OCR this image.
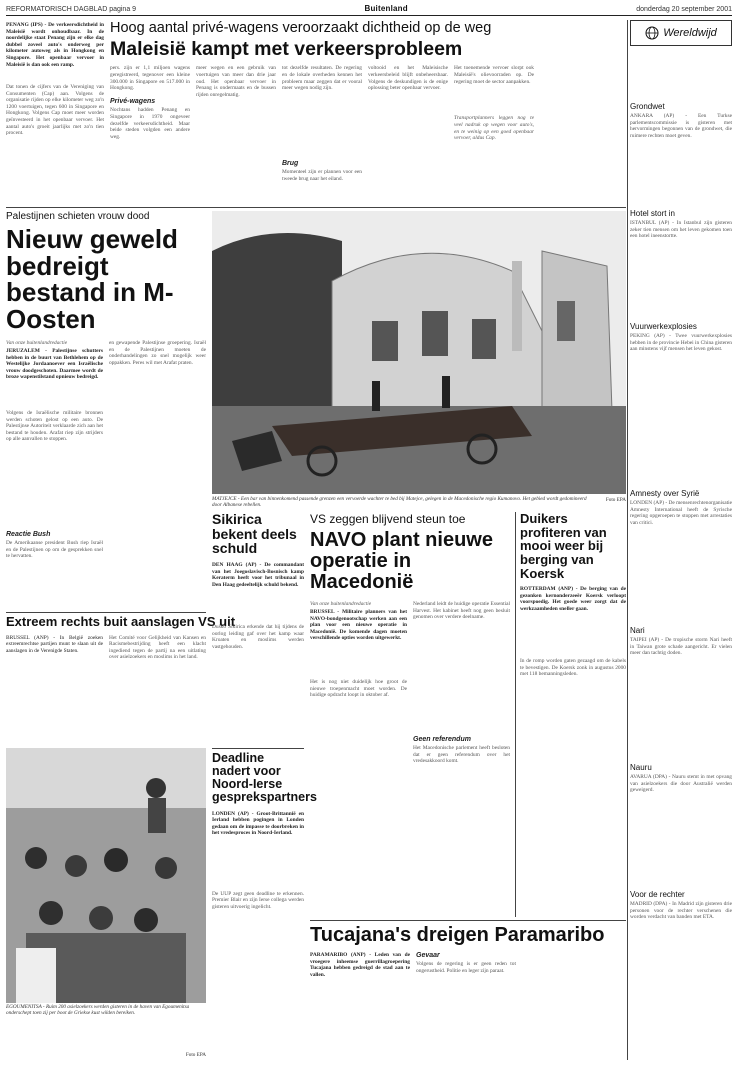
REFORMATORISCH DAGBLAD pagina 9	Buitenland	donderdag 20 september 2001
PENANG (IPS) - De verkeersdichtheid in Maleisië wordt onhoudbaar. In de noordelijke staat Penang zijn er elke dag dubbel zoveel auto's onderweg per kilometer autoweg als in Hongkong en Singapore. Het openbaar vervoer in Maleisië is dan ook een ramp.
Dat tonen de cijfers van de Vereniging van Consumenten (Cap) aan. Volgens de organisatie rijden op elke kilometer weg zo'n 1200 voertuigen, tegen 600 in Singapore en Hongkong. Volgens Cap moet meer worden geïnvesteerd in het openbaar vervoer. Het aantal auto's groeit jaarlijks met zo'n tien procent.
Hoog aantal privé-wagens veroorzaakt dichtheid op de weg
Maleisië kampt met verkeersprobleem
pers. zijn er 1,1 miljoen wagens geregistreerd, tegenover een kleine 300.000 in Singapore en 517.000 in Hongkong.
Privé-wagens
Nochtans hadden Penang en Singapore in 1970 ongeveer dezelfde verkeersdichtheid. Maar beide steden volgden een andere weg.
meer wegen en een gebruik van voertuigen van meer dan drie jaar oud. Het openbaar vervoer in Penang is ondermaats en de bussen rijden onregelmatig.
tot dezelfde resultaten. De regering en de lokale overheden kennen het probleem maar zeggen dat er vooral meer wegen nodig zijn.
Brug
Momenteel zijn er plannen voor een tweede brug naar het eiland.
voltooid en het Maleisische verkeersbeleid blijft onbeheersbaar. Volgens de deskundigen is de enige oplossing beter openbaar vervoer.
Het toenemende vervoer slorpt ook Maleisië's olievoorraden op. De regering moet de sector aanpakken.
Transportplanners leggen nog te veel nadruk op wegen voor auto's, en te weinig op een goed openbaar vervoer, aldus Cap.
Palestijnen schieten vrouw dood
Nieuw geweld bedreigt bestand in M-Oosten
Van onze buitenlandredactie
JERUZALEM - Palestijnse schutters hebben in de buurt van Bethlehem op de Westelijke Jordaanoever een Israëlische vrouw doodgeschoten. Daarmee wordt de broze wapenstilstand opnieuw bedreigd.
Volgens de Israëlische militaire bronnen werden schoten gelost op een auto. De Palestijnse Autoriteit verklaarde zich aan het bestand te houden. Arafat riep zijn strijders op alle aanvallen te stoppen.
Reactie Bush
De Amerikaanse president Bush riep Israël en de Palestijnen op om de gesprekken snel te hervatten.
en gewapende Palestijnse groepering. Israël en de Palestijnen moeten de onderhandelingen zo snel mogelijk weer oppakken. Peres wil met Arafat praten.
MATJEJCE - Een bar van binnenkomend passende grenzen een vervoerde wachter te bed bij Matejce, gelegen in de Macedonische regio Kumanovo. Het gebied wordt gedomineerd door Albanese rebellen.
Foto EPA
Extreem rechts buit aanslagen VS uit
BRUSSEL (ANP) - In België zoeken extreemrechtse partijen munt te slaan uit de aanslagen in de Verenigde Staten.
Het Comité voor Gelijkheid van Kansen en Racismebestrijding heeft een klacht ingediend tegen de partij na een uitlating over asielzoekers en moslims in het land.
EGOUMENITSA - Ruim 200 asielzoekers werden gisteren in de haven van Egoumenitsa onderschept toen zij per boot de Griekse kust wilden bereiken.
Foto EPA
Sikirica bekent deels schuld
DEN HAAG (AP) - De commandant van het Joegoslavisch-Bosnisch kamp Keraterm heeft voor het tribunaal in Den Haag gedeeltelijk schuld bekend.
Duško Sikirica erkende dat hij tijdens de oorlog leiding gaf over het kamp waar Kroaten en moslims werden vastgehouden.
Deadline nadert voor Noord-Ierse gesprekspartners
LONDEN (AP) - Groot-Brittannië en Ierland hebben pogingen in Londen gedaan om de impasse te doorbreken in het vredesproces in Noord-Ierland.
De UUP zegt geen deadline te erkennen. Premier Blair en zijn Ierse collega werden gisteren uitvoerig ingelicht.
VS zeggen blijvend steun toe
NAVO plant nieuwe operatie in Macedonië
Van onze buitenlandredactie
BRUSSEL - Militaire planners van het NAVO-bondgenootschap werken aan een plan voor een nieuwe operatie in Macedonië. De komende dagen moeten verschillende opties worden uitgewerkt.
Het is nog niet duidelijk hoe groot de nieuwe troepenmacht moet worden. De huidige opdracht loopt in oktober af.
Nederland leidt de huidige operatie Essential Harvest. Het kabinet heeft nog geen besluit genomen over verdere deelname.
Geen referendum
Het Macedonische parlement heeft besloten dat er geen referendum over het vredesakkoord komt.
Duikers profiteren van mooi weer bij berging van Koersk
ROTTERDAM (ANP) - De berging van de gezonken kernonderzeeër Koersk verloopt voorspoedig. Het goede weer zorgt dat de werkzaamheden sneller gaan.
In de romp worden gaten gezaagd om de kabels te bevestigen. De Koersk zonk in augustus 2000 met 118 bemanningsleden.
Tucajana's dreigen Paramaribo
PARAMARIBO (ANP) - Leden van de vroegere inheemse guerrillagroepering Tucajana hebben gedreigd de stad aan te vallen.
Gevaar
Volgens de regering is er geen reden tot ongerustheid. Politie en leger zijn paraat.
Wereldwijd
Grondwet
ANKARA (AP) - Een Turkse parlementscommissie is gisteren met hervormingen begonnen van de grondwet, die ruimere rechten moet geven.
Hotel stort in
ISTANBUL (AP) - In Istanbul zijn gisteren zeker tien mensen om het leven gekomen toen een hotel ineenstortte.
Vuurwerkexplosies
PEKING (AP) - Twee vuurwerkexplosies hebben in de provincie Hebei in China gisteren aan minstens vijf mensen het leven gekost.
Amnesty over Syrië
LONDEN (AP) - De mensenrechtenorganisatie Amnesty International heeft de Syrische regering opgeroepen te stoppen met arrestaties van critici.
Nari
TAIPEI (AP) - De tropische storm Nari heeft in Taiwan grote schade aangericht. Er vielen meer dan tachtig doden.
Nauru
AVARUA (DPA) - Nauru stemt in met opvang van asielzoekers die door Australië werden geweigerd.
Voor de rechter
MADRID (DPA) - In Madrid zijn gisteren drie personen voor de rechter verschenen die worden verdacht van banden met ETA.
